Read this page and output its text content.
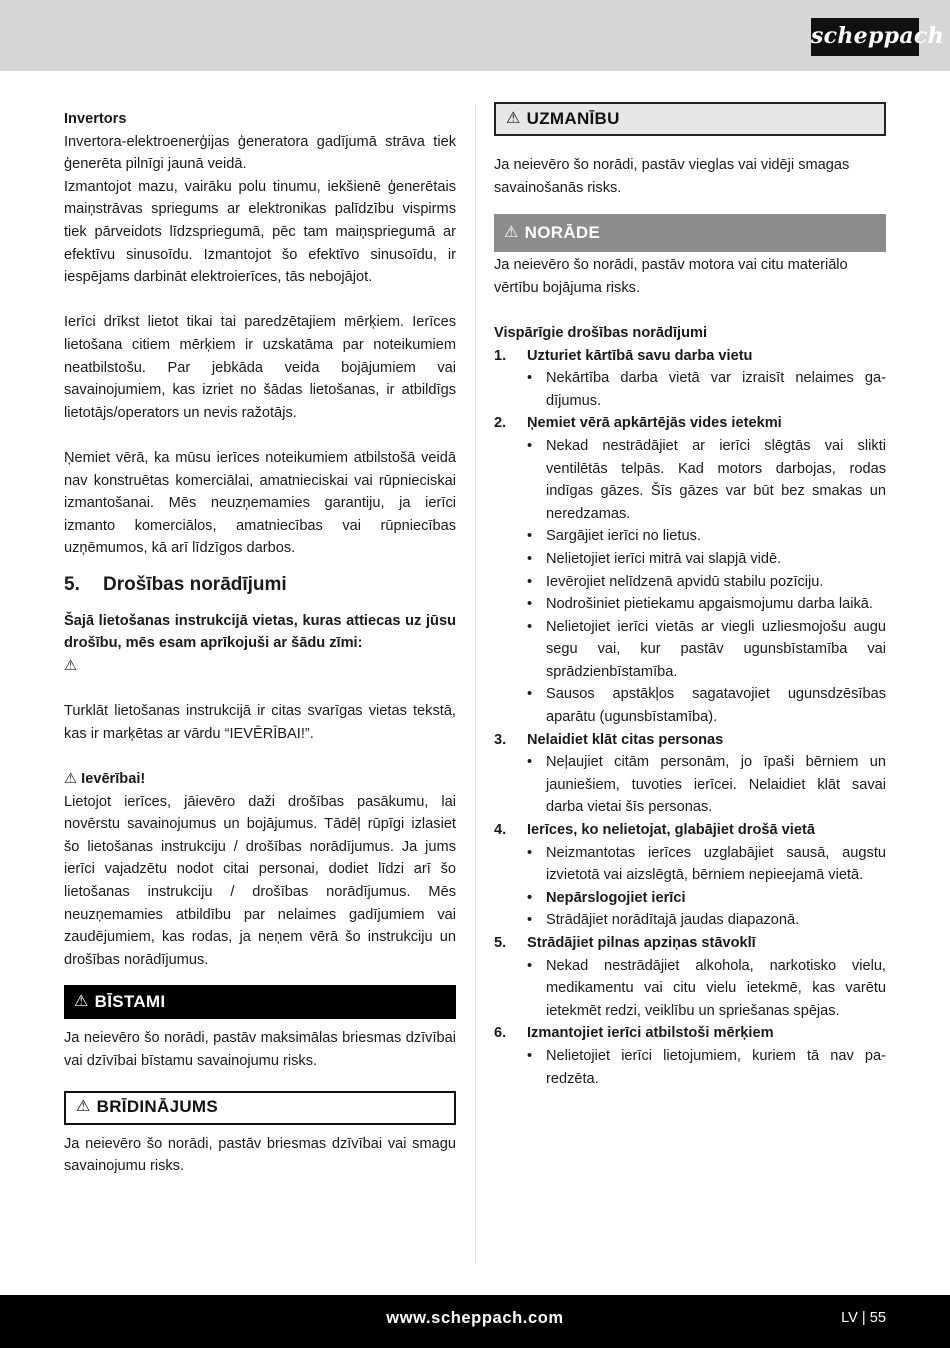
scheppach

Invertors

Invertora-elektroenerģijas ģeneratora gadījumā strāva tiek ģenerēta pilnīgi jaunā veidā.

Izmantojot mazu, vairāku polu tinumu, iekšienē ģenerētais maiņstrāvas spriegums ar elektronikas palīdzību vispirms tiek pārveidots līdzspriegumā, pēc tam maiņspriegumā ar efektīvu sinusoīdu. Izmantojot šo efektīvo sinusoīdu, ir iespējams darbināt elektroierīces, tās nebojājot.

Ierīci drīkst lietot tikai tai paredzētajiem mērķiem. Ierīces lietošana citiem mērķiem ir uzskatāma par noteikumiem neatbilstošu. Par jebkāda veida bojājumiem vai savainojumiem, kas izriet no šādas lietošanas, ir atbildīgs lietotājs/operators un nevis ražotājs.

Ņemiet vērā, ka mūsu ierīces noteikumiem atbilstošā veidā nav konstruētas komerciālai, amatnieciskai vai rūpnieciskai izmantošanai. Mēs neuzņemamies garantiju, ja ierīci izmanto komerciālos, amatniecības vai rūpniecības uzņēmumos, kā arī līdzīgos darbos.

5.	Drošības norādījumi

Šajā lietošanas instrukcijā vietas, kuras attiecas uz jūsu drošību, mēs esam aprīkojuši ar šādu zīmi:

⚠

Turklāt lietošanas instrukcijā ir citas svarīgas vietas tekstā, kas ir marķētas ar vārdu “IEVĒRĪBAI!”.

⚠ Ievērībai!

Lietojot ierīces, jāievēro daži drošības pasākumu, lai novērstu savainojumus un bojājumus. Tādēļ rūpīgi izlasiet šo lietošanas instrukciju / drošības norādījumus. Ja jums ierīci vajadzētu nodot citai personai, dodiet līdzi arī šo lietošanas instrukciju / drošības norādījumus. Mēs neuzņemamies atbildību par nelaimes gadījumiem vai zaudējumiem, kas rodas, ja neņem vērā šo instrukciju un drošības norādījumus.

⚠ BĪSTAMI

Ja neievēro šo norādi, pastāv maksimālas briesmas dzīvībai vai dzīvībai bīstamu savainojumu risks.

⚠ BRĪDINĀJUMS

Ja neievēro šo norādi, pastāv briesmas dzīvībai vai smagu savainojumu risks.

⚠ UZMANĪBU

Ja neievēro šo norādi, pastāv vieglas vai vidēji smagas savainošanās risks.

⚠ NORĀDE

Ja neievēro šo norādi, pastāv motora vai citu materiālo vērtību bojājuma risks.

Vispārīgie drošības norādījumi

1.	Uzturiet kārtībā savu darba vietu
• Nekārtība darba vietā var izraisīt nelaimes gadījumus.
2.	Ņemiet vērā apkārtējās vides ietekmi
• Nekad nestrādājiet ar ierīci slēgtās vai slikti ventilētās telpās. Kad motors darbojas, rodas indīgas gāzes. Šīs gāzes var būt bez smakas un neredzamas.
• Sargājiet ierīci no lietus.
• Nelietojiet ierīci mitrā vai slapjā vidē.
• Ievērojiet nelīdzenā apvidū stabilu pozīciju.
• Nodrošiniet pietiekamu apgaismojumu darba laikā.
• Nelietojiet ierīci vietās ar viegli uzliesmojošu augu segu vai, kur pastāv ugunsbīstamība vai sprādzienbīstamība.
• Sausos apstākļos sagatavojiet ugunsdzēsības aparātu (ugunsbīstamība).
3.	Nelaidiet klāt citas personas
• Neļaujiet citām personām, jo īpaši bērniem un jauniešiem, tuvoties ierīcei. Nelaidiet klāt savai darba vietai šīs personas.
4.	Ierīces, ko nelietojat, glabājiet drošā vietā
• Neizmantotas ierīces uzglabājiet sausā, augstu izvietotā vai aizslēgtā, bērniem nepieejamā vietā.
• Nepārslogojiet ierīci
• Strādājiet norādītajā jaudas diapazonā.
5.	Strādājiet pilnas apziņas stāvoklī
• Nekad nestrādājiet alkohola, narkotisko vielu, medikamentu vai citu vielu ietekmē, kas varētu ietekmēt redzi, veiklību un spriešanas spējas.
6.	Izmantojiet ierīci atbilstoši mērķiem
• Nelietojiet ierīci lietojumiem, kuriem tā nav paredzēta.
www.scheppach.com	LV | 55
